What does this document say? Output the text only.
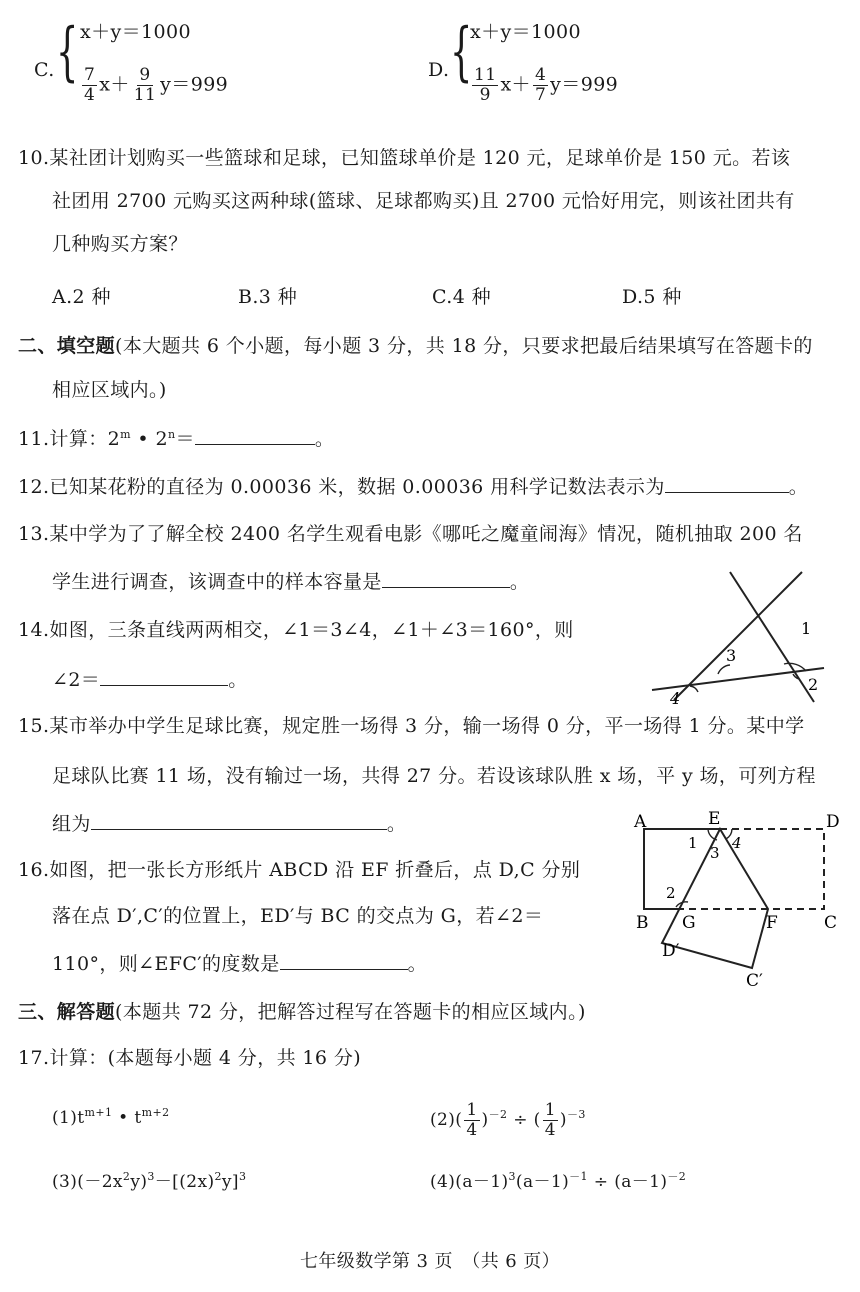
C. { x＋y＝1000
$\frac{7}{4} x+ \frac{9}{11} y=999$
D. {
x＋y＝1000
$\frac{11}{9} x+ \frac{4}{7} y=999$
10.某社团计划购买一些篮球和足球，已知篮球单价是 120 元，足球单价是 150 元。若该
社团用 2700 元购买这两种球(篮球、足球都购买)且 2700 元恰好用完，则该社团共有
几种购买方案？
A.2 种	B.3 种	C.4 种	D.5 种
二、填空题(本大题共 6 个小题，每小题 3 分，共 18 分，只要求把最后结果填写在答题卡的
相应区域内。)
11.计算：2$^m$ • $2^n=$	。
12.已知某花粉的直径为 0.00036 米，数据 0.00036 用科学记数法表示为	。
13.某中学为了了解全校 2400 名学生观看电影《哪吒之魔童闹海》情况，随机抽取 200 名
学生进行调查，该调查中的样本容量是	。
14.如图，三条直线两两相交，∠1＝3∠4，∠1＋∠3＝160°，则
∠2＝	。
1
2
3
4
15.某市举办中学生足球比赛，规定胜一场得 3 分，输一场得 0 分，平一场得 1 分。某中学
足球队比赛 11 场，没有输过一场，共得 27 分。若设该球队胜 x 场，平 y 场，可列方程
组为	。
16.如图，把一张长方形纸片 ABCD 沿 EF 折叠后，点 D,C 分别
落在点 D′,C′的位置上，ED′与 BC 的交点为 G，若∠2＝
110°，则∠EFC′的度数是	。
A	E	D
B G	F	C
D′
C′
1 4
3
2
三、解答题(本题共 72 分，把解答过程写在答题卡的相应区域内。)
17.计算：(本题每小题 4 分，共 16 分)
$(1)t^{m+1}$ • $t^{m+2}$	$(2)( \frac{1}{4} )^{-2}$ ÷ ( $\frac{1}{4} )^{-3}$
$(3)(-2x^2y)^3-[(2x)^2y]^3$	$(4)(a-1)^3(a-1)^{-1} \div (a-1)^{-2}$
七年级数学第 3 页　（共 6 页）
